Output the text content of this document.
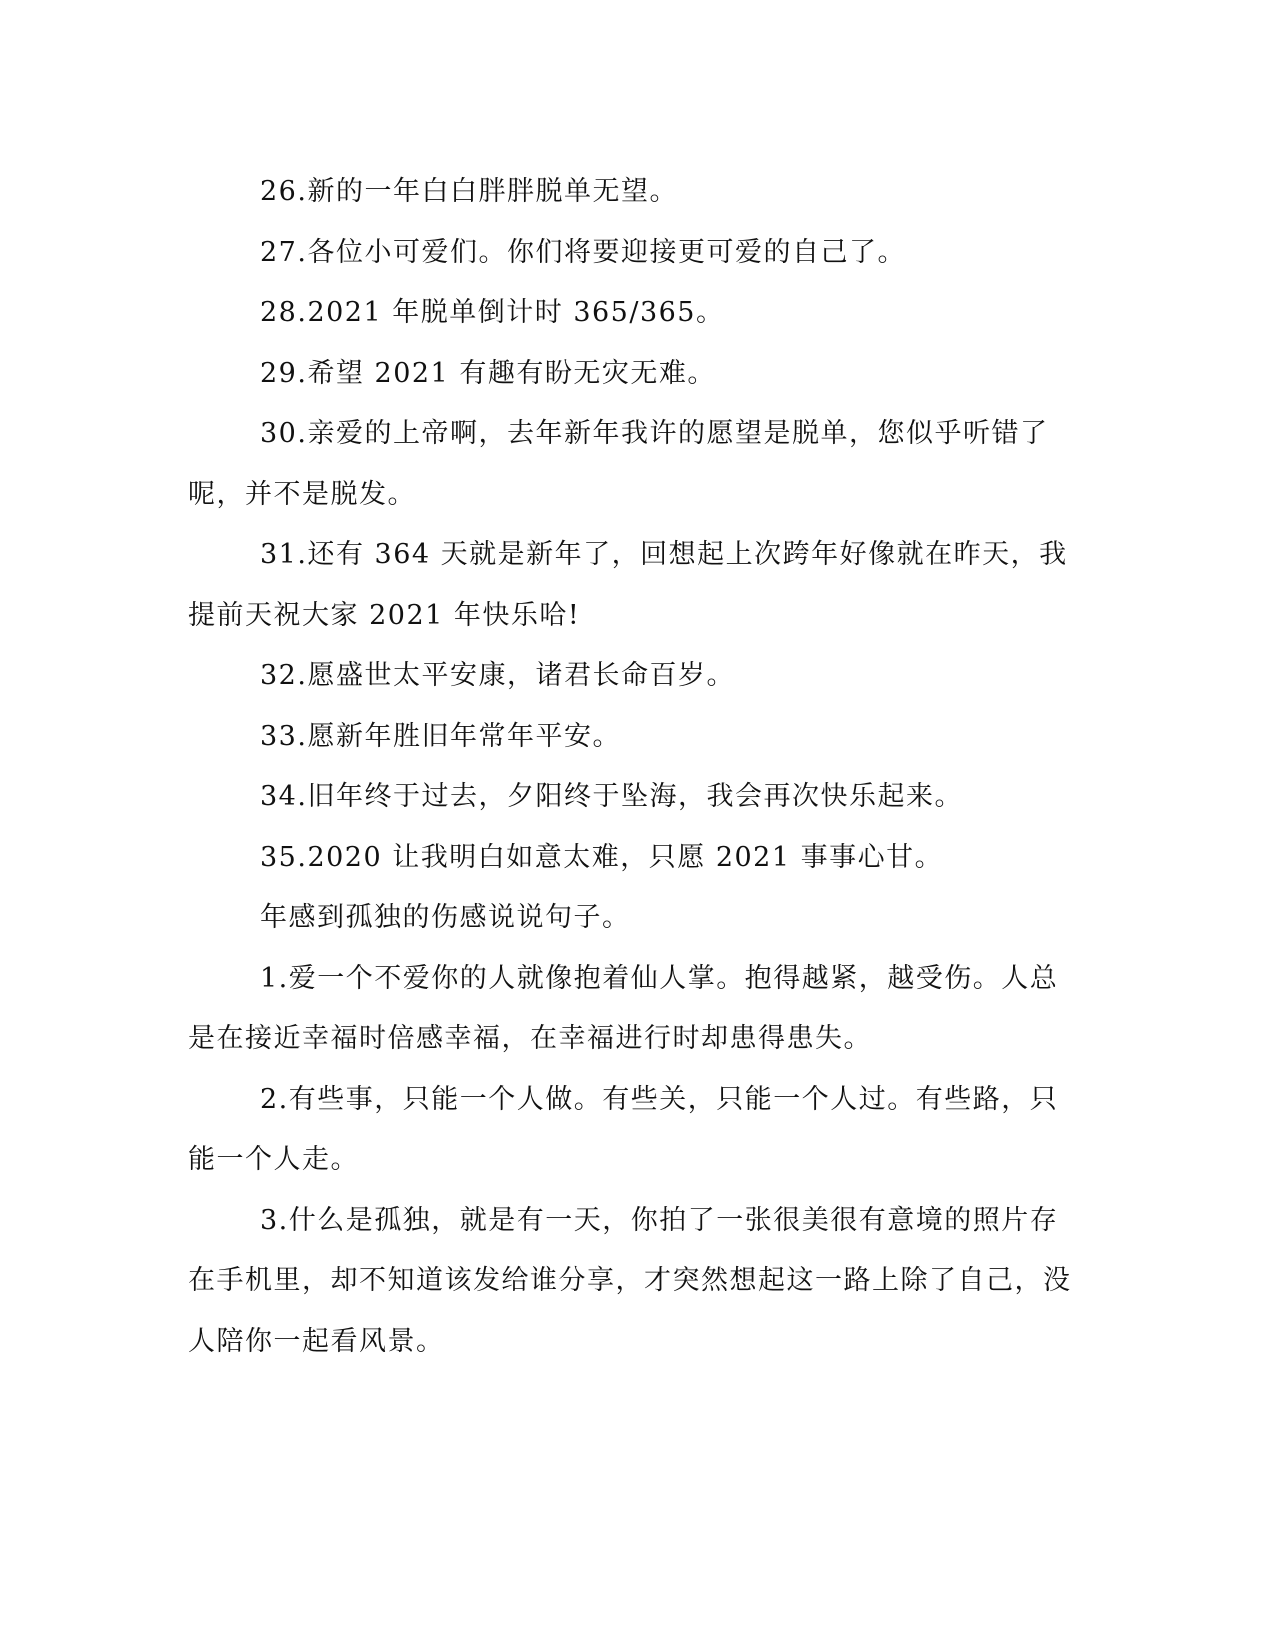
26.新的一年白白胖胖脱单无望。

27.各位小可爱们。你们将要迎接更可爱的自己了。

28.2021 年脱单倒计时 365/365。

29.希望 2021 有趣有盼无灾无难。

30.亲爱的上帝啊，去年新年我许的愿望是脱单，您似乎听错了呢，并不是脱发。

31.还有 364 天就是新年了，回想起上次跨年好像就在昨天，我提前天祝大家 2021 年快乐哈!

32.愿盛世太平安康，诸君长命百岁。

33.愿新年胜旧年常年平安。

34.旧年终于过去，夕阳终于坠海，我会再次快乐起来。

35.2020 让我明白如意太难，只愿 2021 事事心甘。

年感到孤独的伤感说说句子。

1.爱一个不爱你的人就像抱着仙人掌。抱得越紧，越受伤。人总是在接近幸福时倍感幸福，在幸福进行时却患得患失。

2.有些事，只能一个人做。有些关，只能一个人过。有些路，只能一个人走。

3.什么是孤独，就是有一天，你拍了一张很美很有意境的照片存在手机里，却不知道该发给谁分享，才突然想起这一路上除了自己，没人陪你一起看风景。
